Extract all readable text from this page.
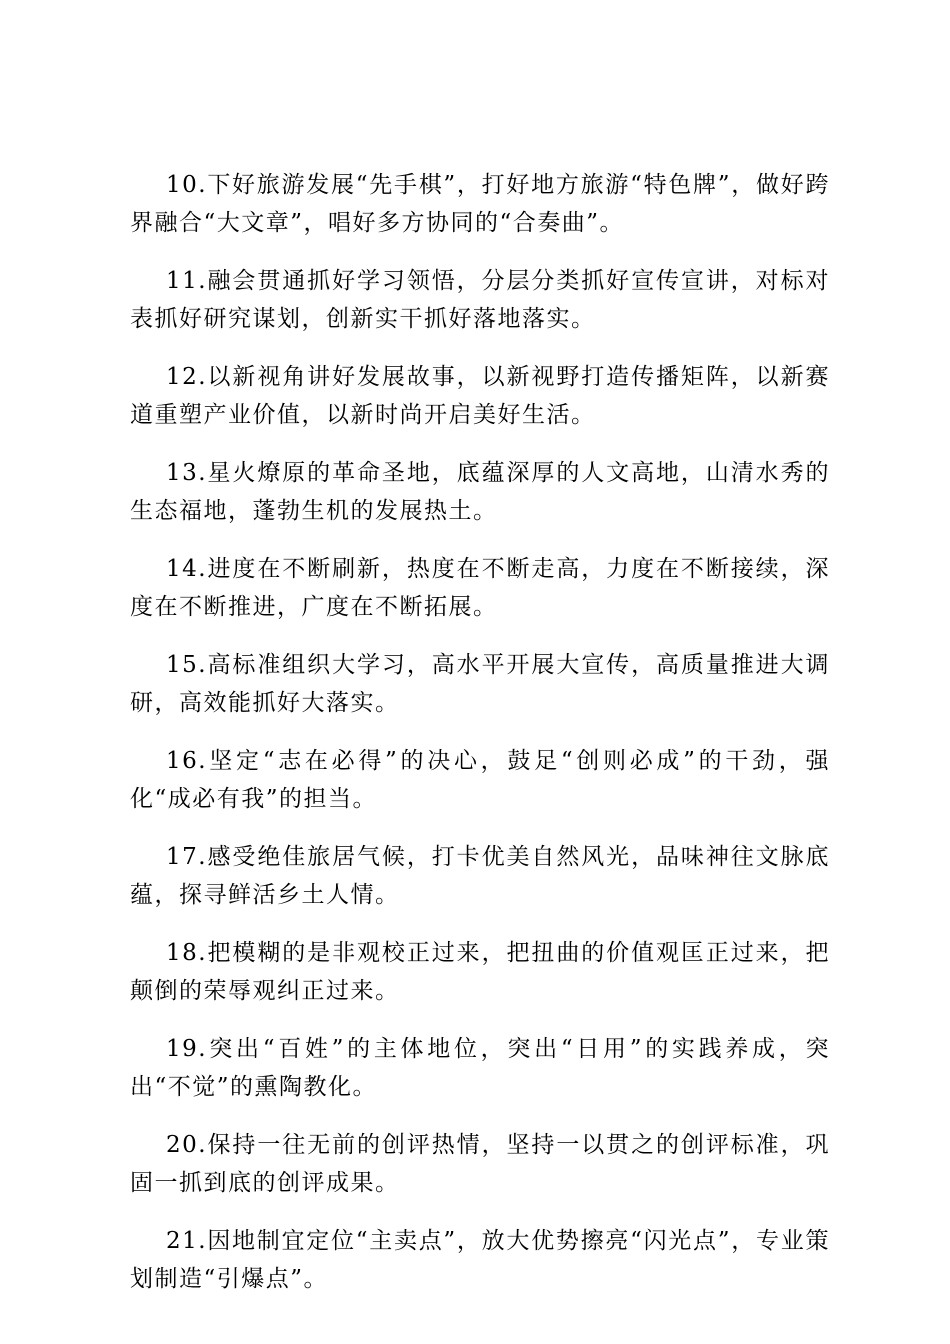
10.下好旅游发展“先手棋”，打好地方旅游“特色牌”，做好跨界融合“大文章”，唱好多方协同的“合奏曲”。

11.融会贯通抓好学习领悟，分层分类抓好宣传宣讲，对标对表抓好研究谋划，创新实干抓好落地落实。

12.以新视角讲好发展故事，以新视野打造传播矩阵，以新赛道重塑产业价值，以新时尚开启美好生活。

13.星火燎原的革命圣地，底蕴深厚的人文高地，山清水秀的生态福地，蓬勃生机的发展热土。

14.进度在不断刷新，热度在不断走高，力度在不断接续，深度在不断推进，广度在不断拓展。

15.高标准组织大学习，高水平开展大宣传，高质量推进大调研，高效能抓好大落实。

16.坚定“志在必得”的决心，鼓足“创则必成”的干劲，强化“成必有我”的担当。

17.感受绝佳旅居气候，打卡优美自然风光，品味神往文脉底蕴，探寻鲜活乡土人情。

18.把模糊的是非观校正过来，把扭曲的价值观匡正过来，把颠倒的荣辱观纠正过来。

19.突出“百姓”的主体地位，突出“日用”的实践养成，突出“不觉”的熏陶教化。

20.保持一往无前的创评热情，坚持一以贯之的创评标准，巩固一抓到底的创评成果。

21.因地制宜定位“主卖点”，放大优势擦亮“闪光点”，专业策划制造“引爆点”。
